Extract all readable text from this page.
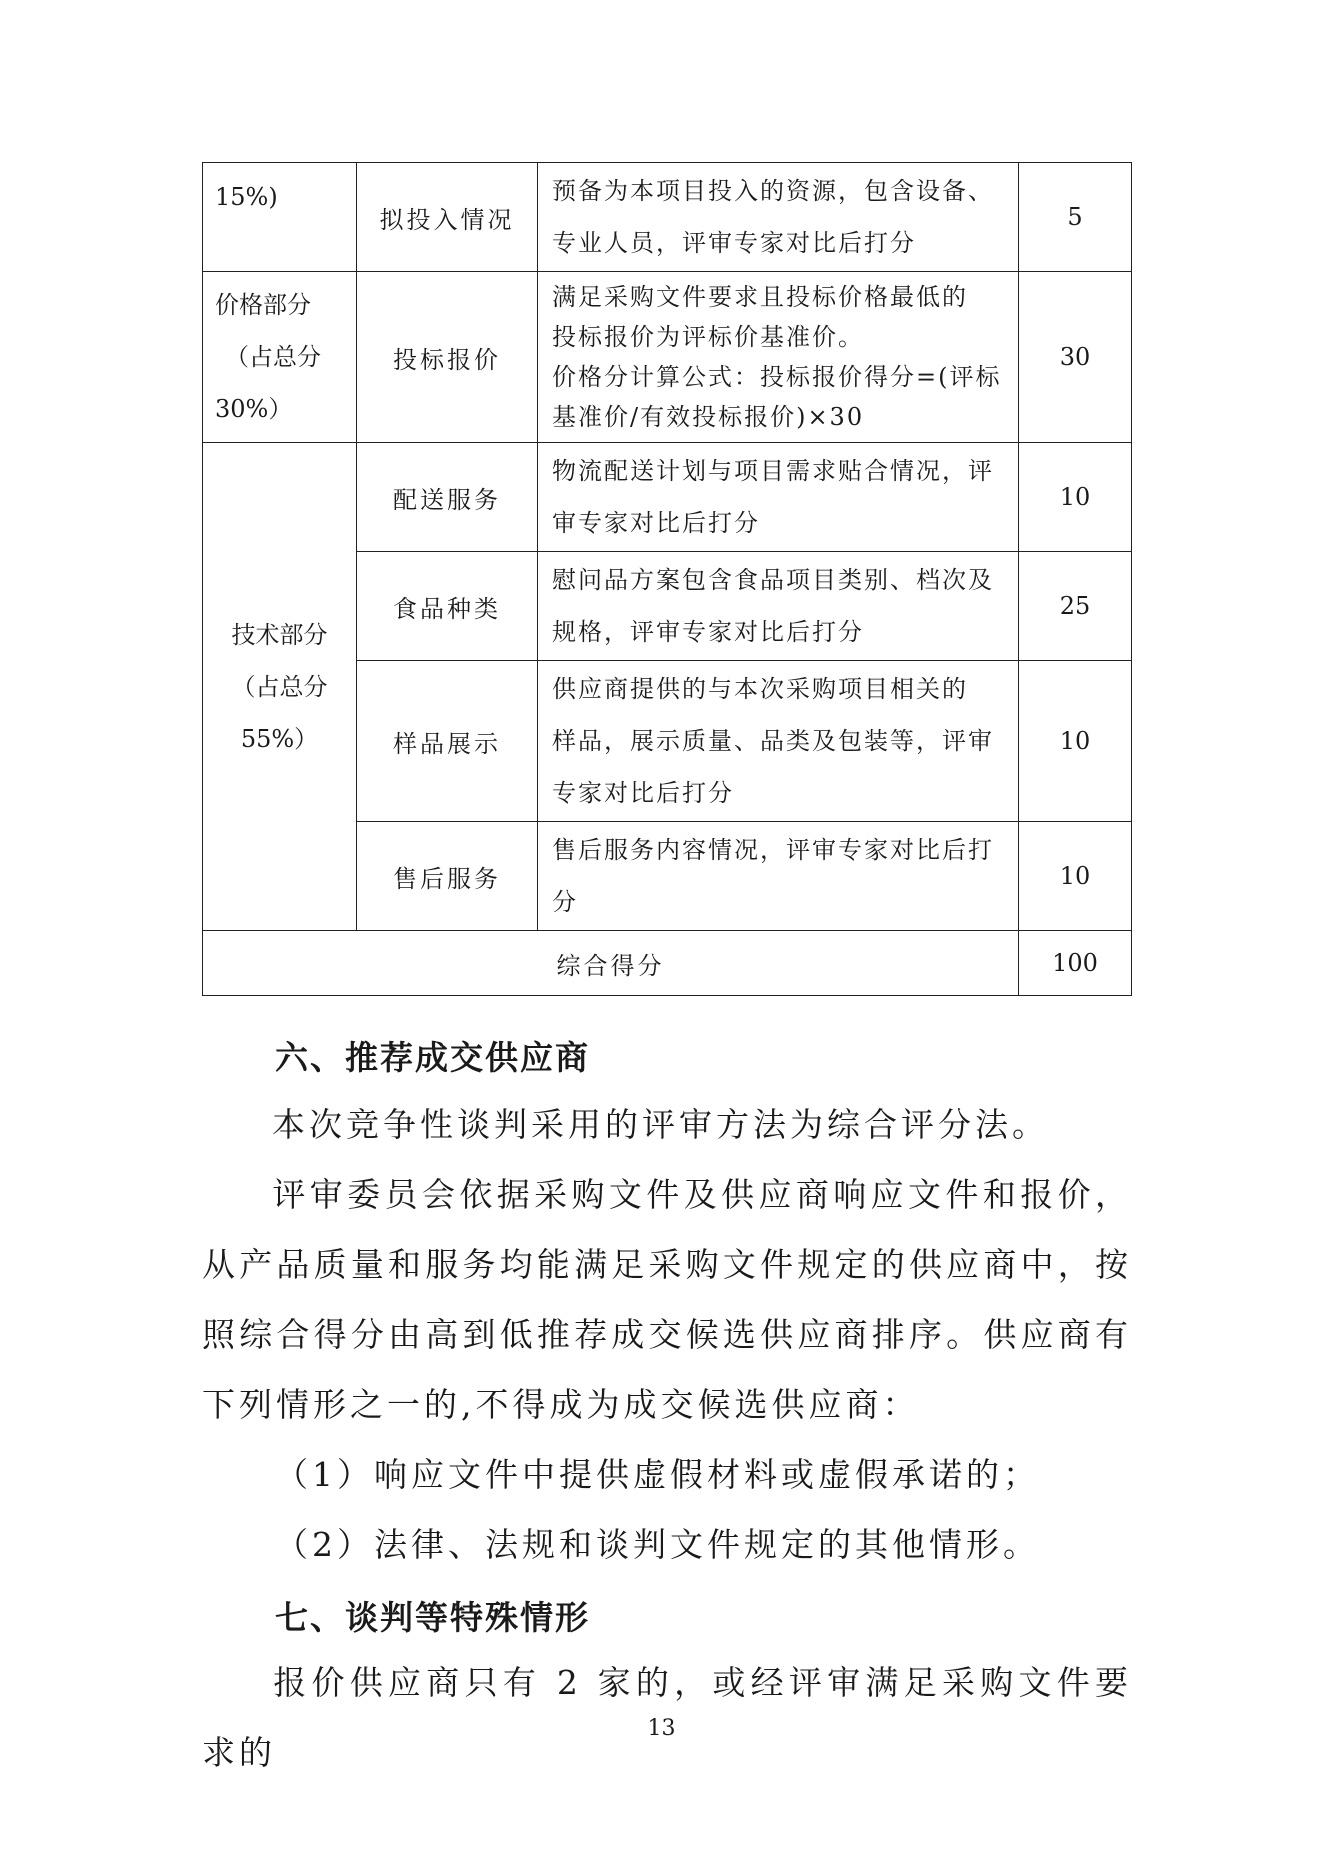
15%)	拟投入情况	预备为本项目投入的资源，包含设备、
专业人员，评审专家对比后打分	5

价格部分
（占总分
30%）	投标报价	满足采购文件要求且投标价格最低的
投标报价为评标价基准价。
价格分计算公式：投标报价得分=(评标
基准价/有效投标报价)×30	30

技术部分
（占总分
55%）	配送服务	物流配送计划与项目需求贴合情况，评
审专家对比后打分	10
	食品种类	慰问品方案包含食品项目类别、档次及
规格，评审专家对比后打分	25
	样品展示	供应商提供的与本次采购项目相关的
样品，展示质量、品类及包装等，评审
专家对比后打分	10
	售后服务	售后服务内容情况，评审专家对比后打
分	10
综合得分			100
六、推荐成交供应商

本次竞争性谈判采用的评审方法为综合评分法。

评审委员会依据采购文件及供应商响应文件和报价，从产品质量和服务均能满足采购文件规定的供应商中，按照综合得分由高到低推荐成交候选供应商排序。供应商有下列情形之一的,不得成为成交候选供应商：

（1）响应文件中提供虚假材料或虚假承诺的；

（2）法律、法规和谈判文件规定的其他情形。

七、谈判等特殊情形

报价供应商只有 2 家的，或经评审满足采购文件要求的

13
